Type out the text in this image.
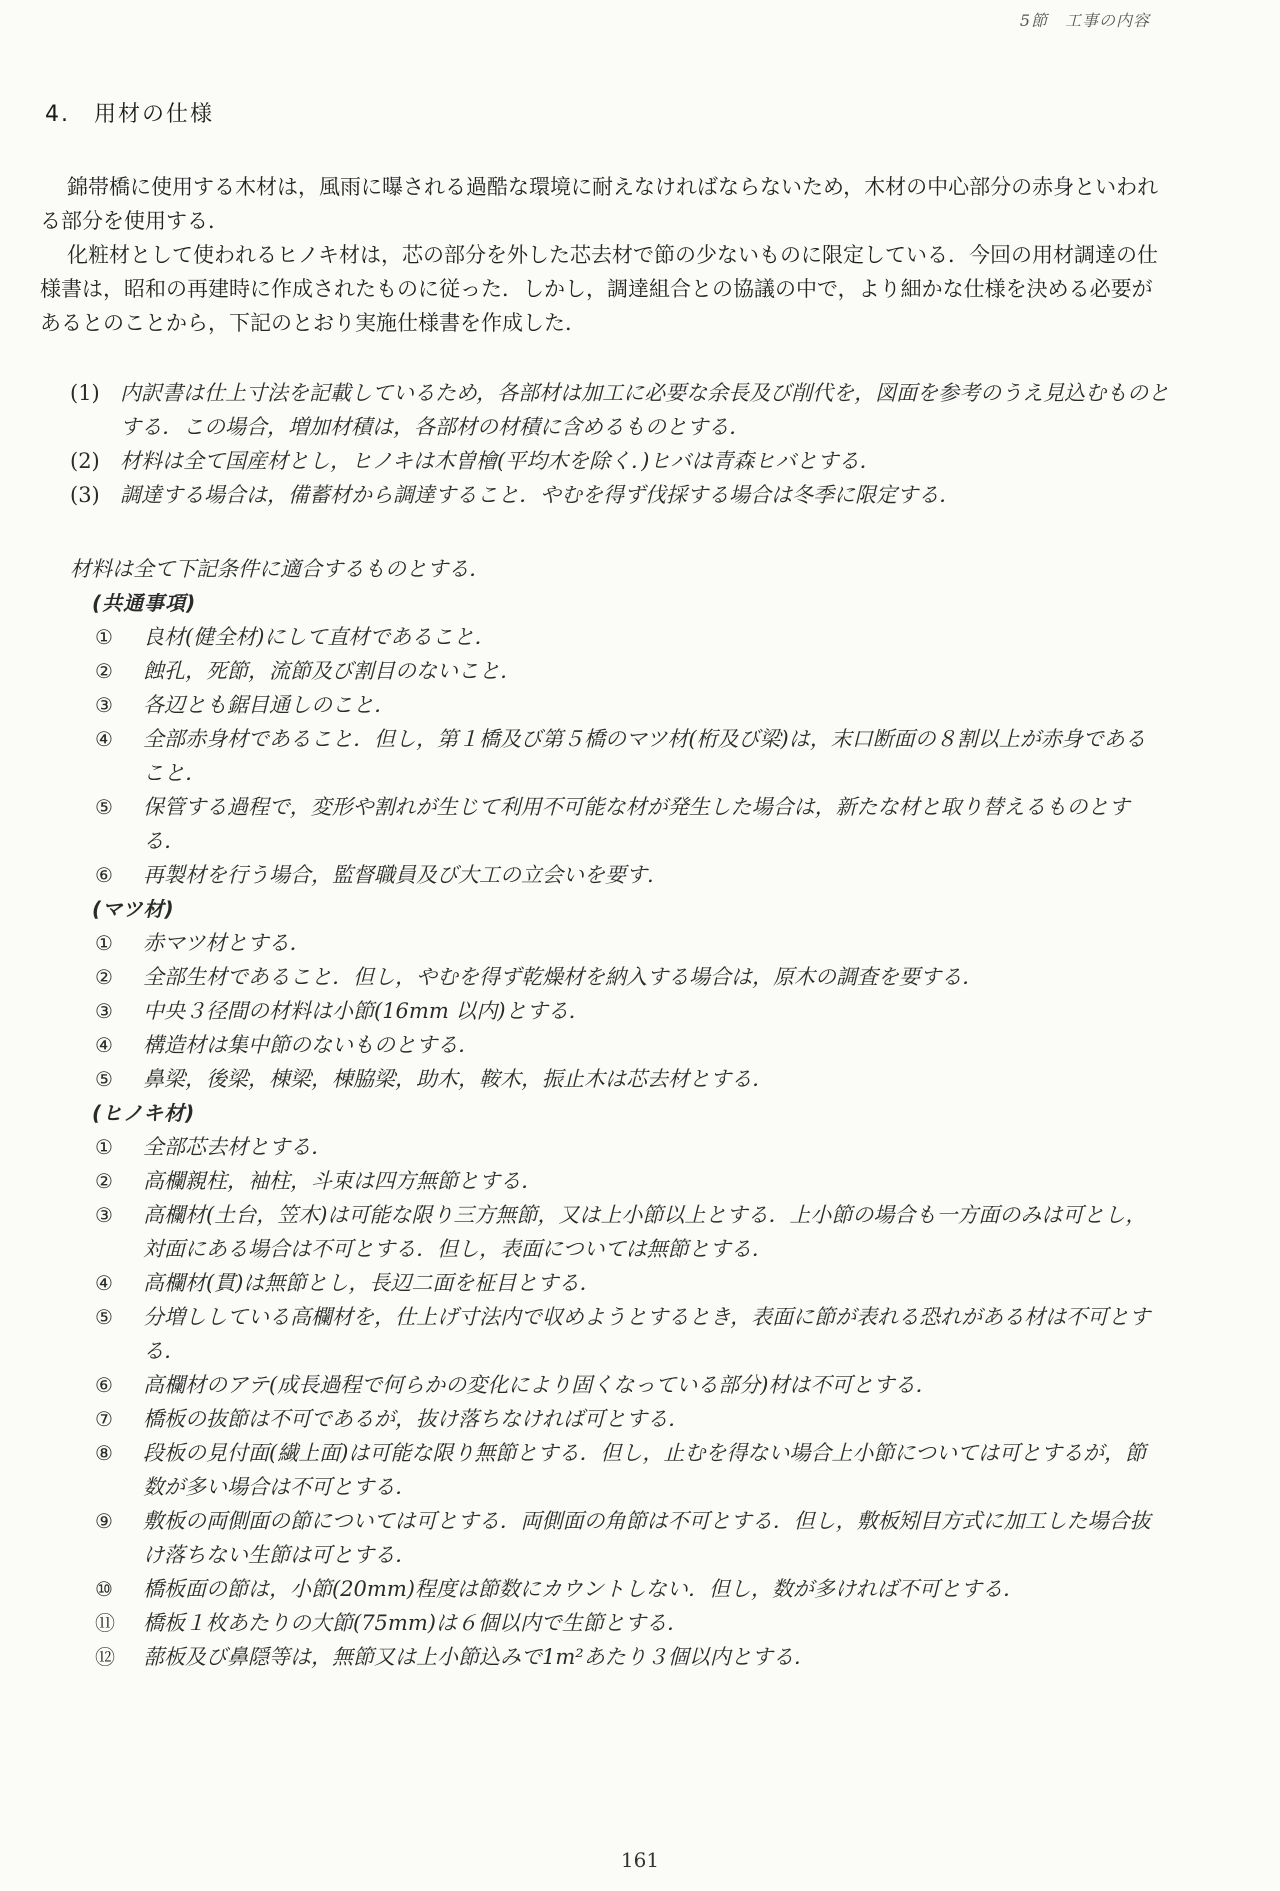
5節　工事の内容
4.　用材の仕様

錦帯橋に使用する木材は，風雨に曝される過酷な環境に耐えなければならないため，木材の中心部分の赤身といわれる部分を使用する．

化粧材として使われるヒノキ材は，芯の部分を外した芯去材で節の少ないものに限定している．今回の用材調達の仕様書は，昭和の再建時に作成されたものに従った．しかし，調達組合との協議の中で，より細かな仕様を決める必要があるとのことから，下記のとおり実施仕様書を作成した．

(1) 内訳書は仕上寸法を記載しているため，各部材は加工に必要な余長及び削代を，図面を参考のうえ見込むものとする．この場合，増加材積は，各部材の材積に含めるものとする．
(2) 材料は全て国産材とし，ヒノキは木曽檜(平均木を除く．)ヒバは青森ヒバとする．
(3) 調達する場合は，備蓄材から調達すること．やむを得ず伐採する場合は冬季に限定する．

材料は全て下記条件に適合するものとする．

(共通事項)

①	良材(健全材)にして直材であること．
②	蝕孔，死節，流節及び割目のないこと．
③	各辺とも鋸目通しのこと．
④	全部赤身材であること．但し，第１橋及び第５橋のマツ材(桁及び梁)は，末口断面の８割以上が赤身であること．
⑤	保管する過程で，変形や割れが生じて利用不可能な材が発生した場合は，新たな材と取り替えるものとする．
⑥	再製材を行う場合，監督職員及び大工の立会いを要す.

(マツ材)

①	赤マツ材とする．
②	全部生材であること．但し，やむを得ず乾燥材を納入する場合は，原木の調査を要する．
③	中央３径間の材料は小節(16mm 以内)とする.
④	構造材は集中節のないものとする．
⑤	鼻梁，後梁，棟梁，棟脇梁，助木，鞍木，振止木は芯去材とする．

(ヒノキ材)

①	全部芯去材とする．
②	高欄親柱，袖柱，斗束は四方無節とする．
③	高欄材(土台，笠木)は可能な限り三方無節，又は上小節以上とする．上小節の場合も一方面のみは可とし，対面にある場合は不可とする．但し，表面については無節とする．
④	高欄材(貫)は無節とし，長辺二面を柾目とする．
⑤	分増ししている高欄材を，仕上げ寸法内で収めようとするとき，表面に節が表れる恐れがある材は不可とする．
⑥	高欄材のアテ(成長過程で何らかの変化により固くなっている部分)材は不可とする．
⑦	橋板の抜節は不可であるが，抜け落ちなければ可とする．
⑧	段板の見付面(繊上面)は可能な限り無節とする．但し，止むを得ない場合上小節については可とするが，節数が多い場合は不可とする．
⑨	敷板の両側面の節については可とする．両側面の角節は不可とする．但し，敷板矧目方式に加工した場合抜け落ちない生節は可とする．
⑩	橋板面の節は，小節(20mm)程度は節数にカウントしない．但し，数が多ければ不可とする．
⑪	橋板１枚あたりの大節(75mm)は６個以内で生節とする．
⑫	蔀板及び鼻隠等は，無節又は上小節込みで1m²あたり３個以内とする．
161
